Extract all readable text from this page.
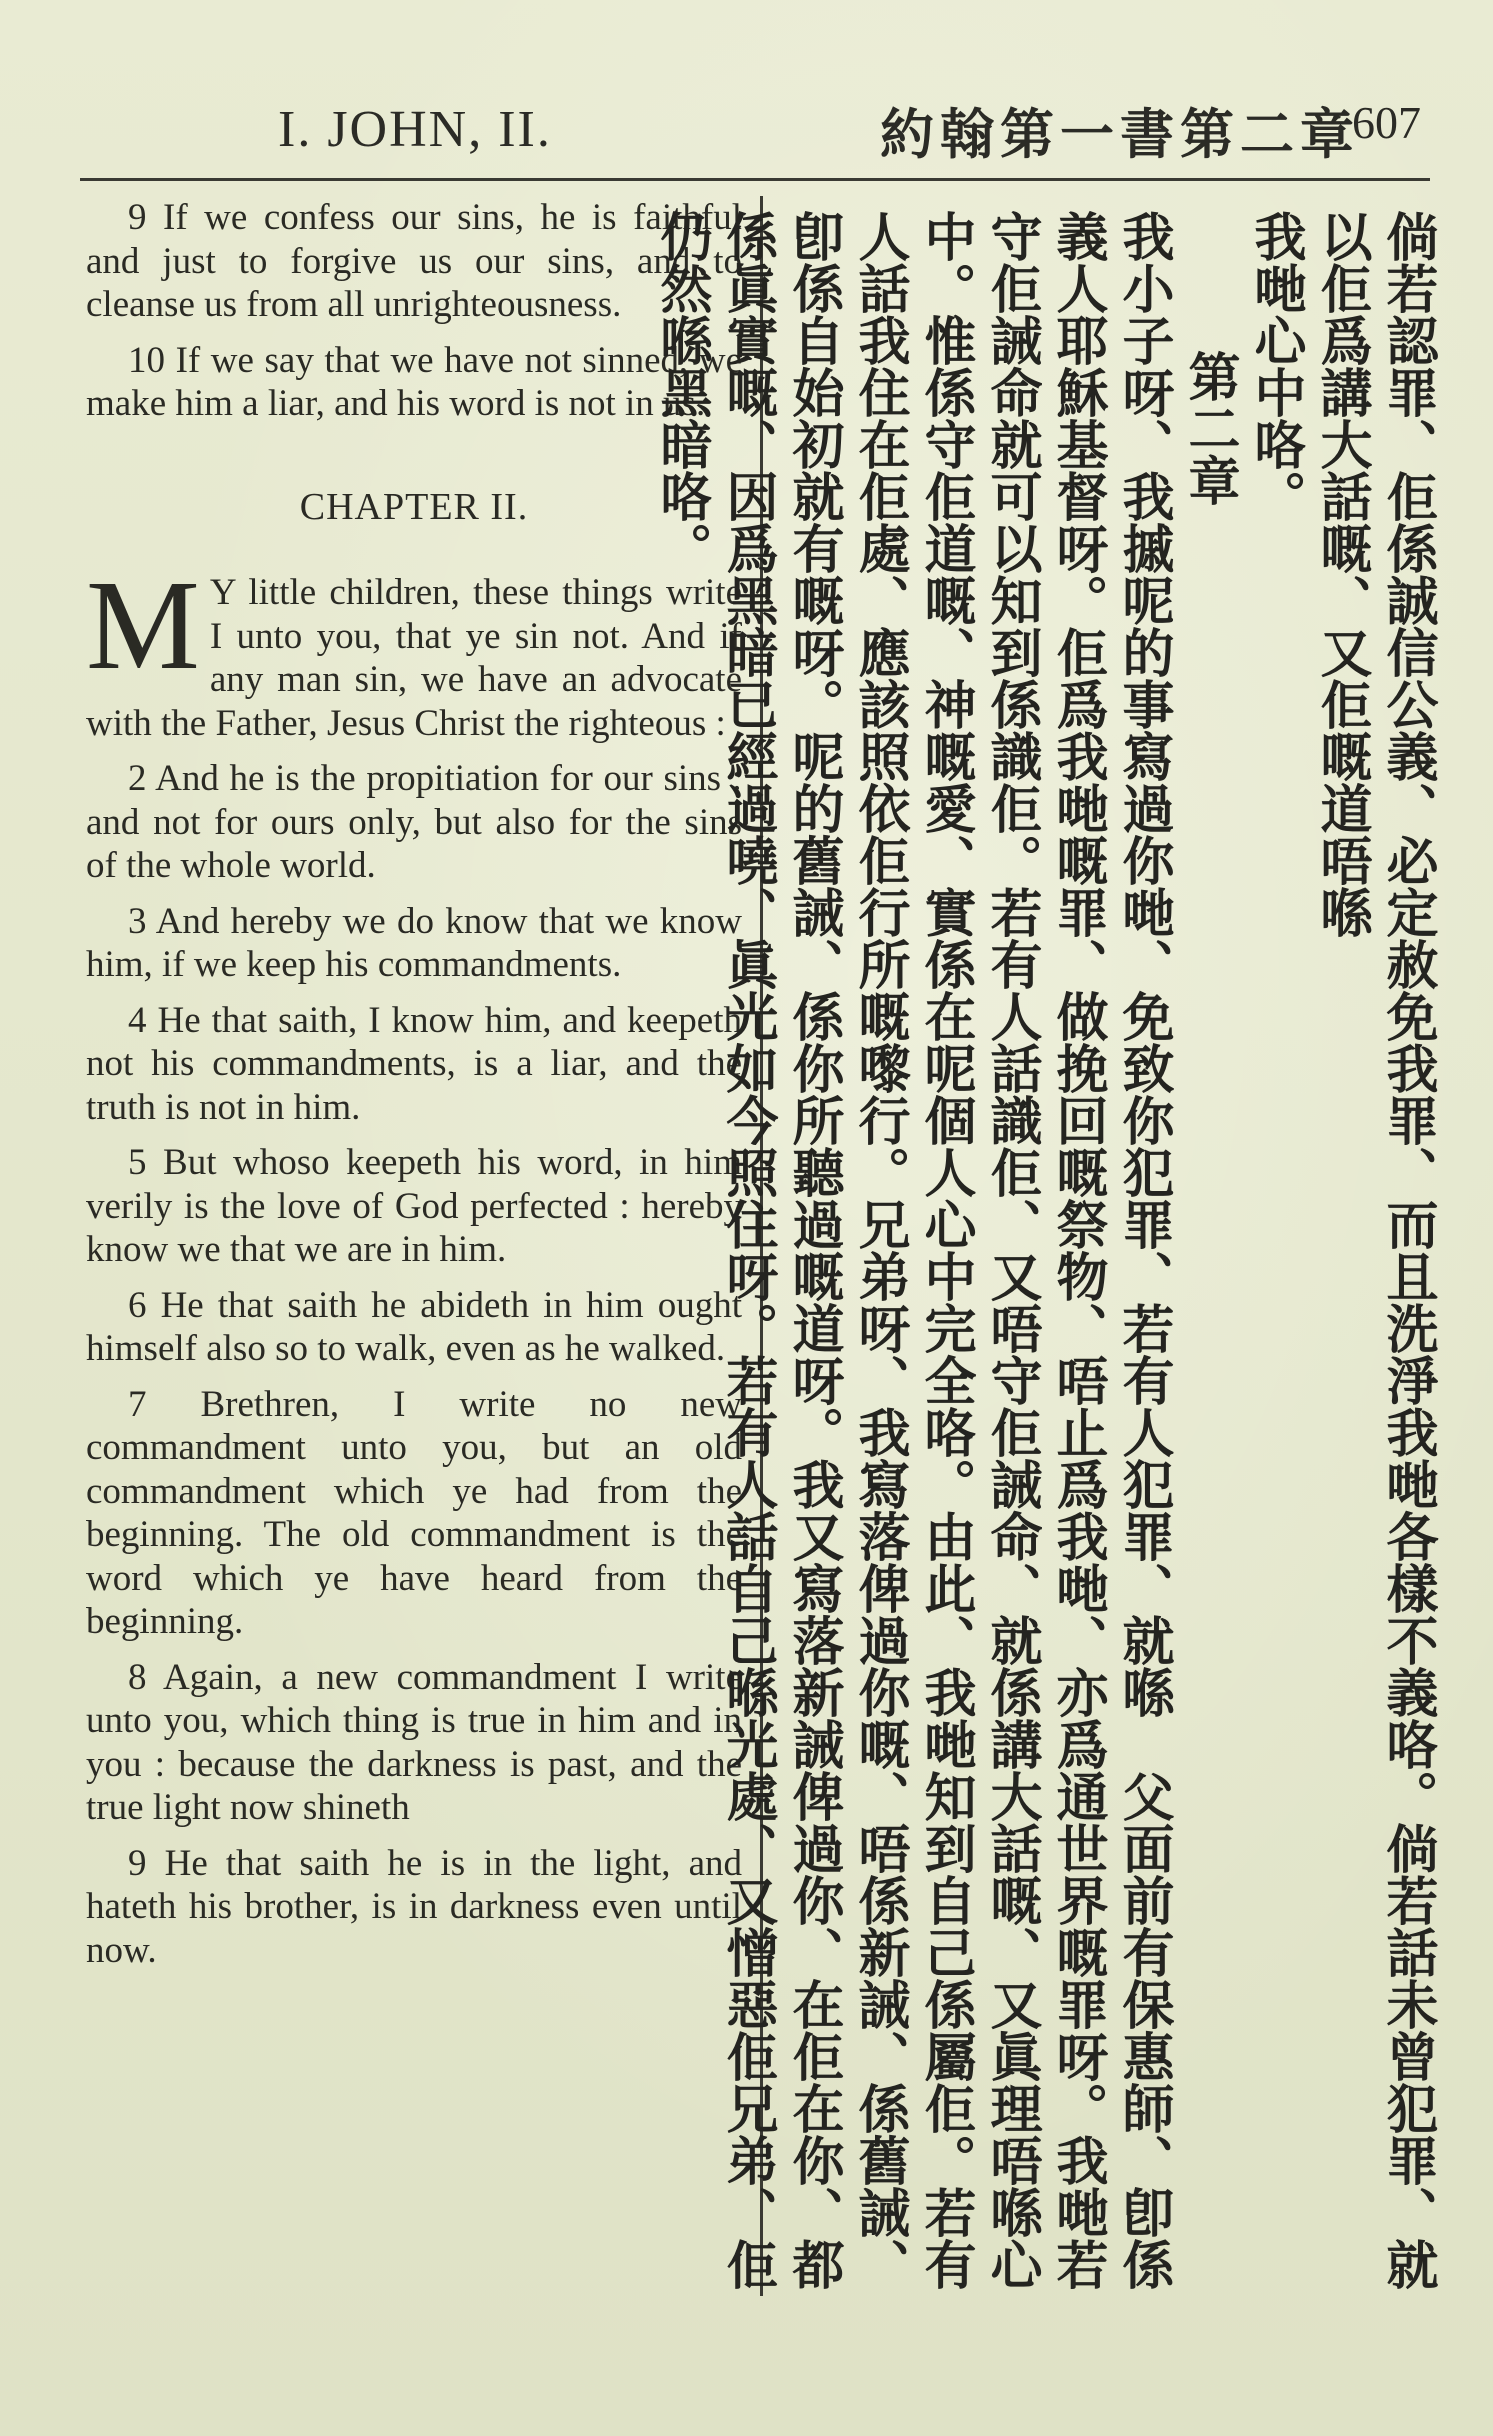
I. JOHN, II.	約翰第一書第二章
607

9 If we confess our sins, he is faithful and just to forgive us our sins, and to cleanse us from all unrighteousness.

10 If we say that we have not sinned, we make him a liar, and his word is not in us.

CHAPTER II.

M Y little children, these things write I unto you, that ye sin not. And if any man sin, we have an advocate with the Father, Jesus Christ the righteous :

2 And he is the propitiation for our sins : and not for ours only, but also for the sins of the whole world.

3 And hereby we do know that we know him, if we keep his commandments.

4 He that saith, I know him, and keepeth not his commandments, is a liar, and the truth is not in him.

5 But whoso keepeth his word, in him verily is the love of God perfected : hereby know we that we are in him.

6 He that saith he abideth in him ought himself also so to walk, even as he walked.

7 Brethren, I write no new commandment unto you, but an old commandment which ye had from the beginning. The old commandment is the word which ye have heard from the beginning.

8 Again, a new commandment I write unto you, which thing is true in him and in you : because the darkness is past, and the true light now shineth

9 He that saith he is in the light, and hateth his brother, is in darkness even until now.	倘若認罪、佢係誠信公義、必定赦免我罪、而且洗淨我哋各樣不義咯。倘若話未曾犯罪、就以佢爲講大話嘅、又佢嘅道唔喺
我哋心中咯。
第二章
我小子呀、我摵呢的事寫過你哋、免致你犯罪、若有人犯罪、就喺　父面前有保惠師、卽係義人耶穌基督呀。佢爲我哋嘅罪、做挽回嘅祭物、唔止爲我哋、亦爲通世界嘅罪呀。我哋若守佢誡命就可以知到係識佢。若有人話識佢、又唔守佢誡命、就係講大話嘅、又眞理唔喺心中。惟係守佢道嘅、神嘅愛、實係在呢個人心中完全咯。由此、我哋知到自己係屬佢。若有人話我住在佢處、應該照依佢行所嘅嚟行。兄弟呀、我寫落俾過你嘅、唔係新誡、係舊誡、卽係自始初就有嘅呀。呢的舊誡、係你所聽過嘅道呀。我又寫落新誡俾過你、在佢在你、都係眞實嘅、因爲黑暗已經過嘵、眞光如今照住呀。若有人話自己喺光處、又憎惡佢兄弟、佢仍然喺黑暗咯。
